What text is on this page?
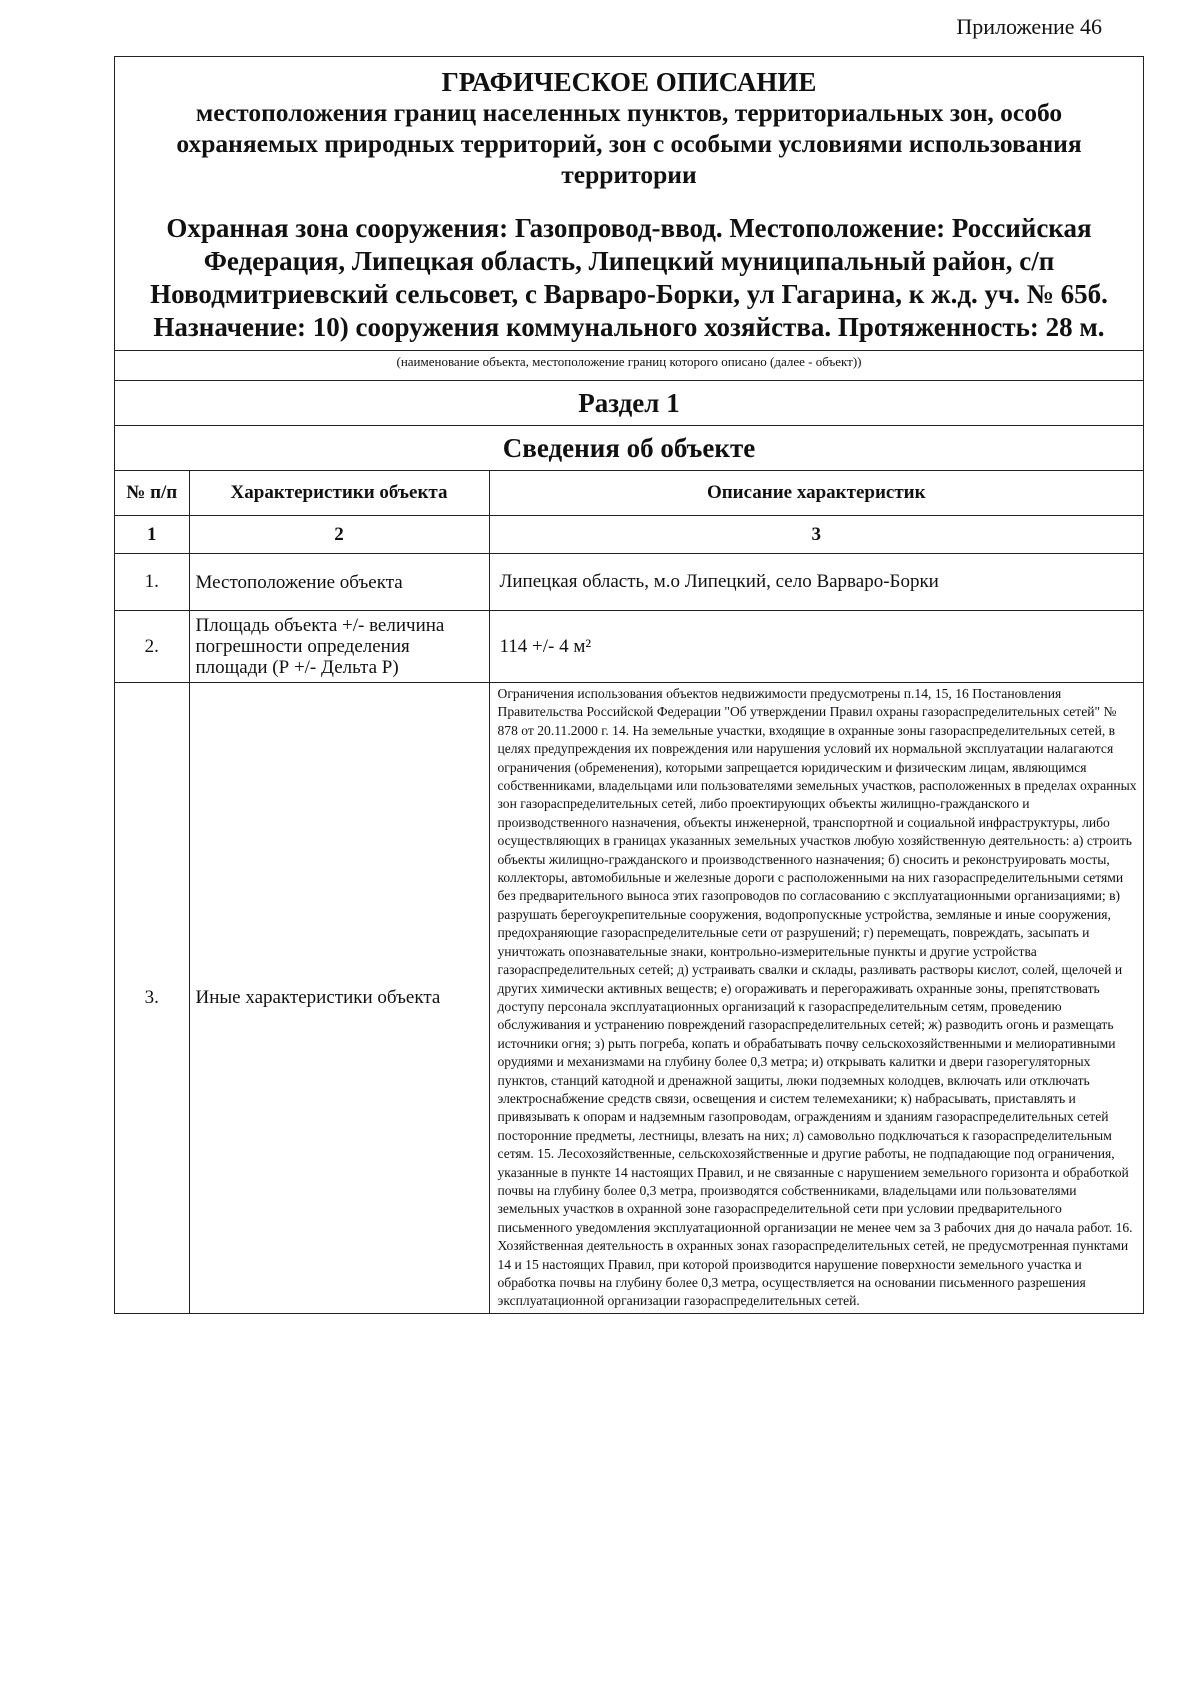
Приложение 46

ГРАФИЧЕСКОЕ ОПИСАНИЕ

местоположения границ населенных пунктов, территориальных зон, особо

охраняемых природных территорий, зон с особыми условиями использования

территории

Охранная зона сооружения: Газопровод-ввод. Местоположение: Российская
Федерация, Липецкая область, Липецкий муниципальный район, с/п
Новодмитриевский сельсовет, с Варваро-Борки, ул Гагарина, к ж.д. уч. № 65б.
Назначение: 10) сооружения коммунального хозяйства. Протяженность: 28 м.
(наименование объекта, местоположение границ которого описано (далее - объект))
Раздел 1
Сведения об объекте
№ п/п	Характеристики объекта	Описание характеристик
1	2	3
1.	Местоположение объекта	Липецкая область, м.о Липецкий, село Варваро-Борки
2.	Площадь объекта +/- величина погрешности определения площади (Р +/- Дельта Р)	114 +/- 4 м²
3.	Иные характеристики объекта	Ограничения использования объектов недвижимости предусмотрены п.14, 15, 16 Постановления Правительства Российской Федерации "Об утверждении Правил охраны газораспределительных сетей" № 878 от 20.11.2000 г. 14. На земельные участки, входящие в охранные зоны газораспределительных сетей, в целях предупреждения их повреждения или нарушения условий их нормальной эксплуатации налагаются ограничения (обременения), которыми запрещается юридическим и физическим лицам, являющимся собственниками, владельцами или пользователями земельных участков, расположенных в пределах охранных зон газораспределительных сетей, либо проектирующих объекты жилищно-гражданского и производственного назначения, объекты инженерной, транспортной и социальной инфраструктуры, либо осуществляющих в границах указанных земельных участков любую хозяйственную деятельность: а) строить объекты жилищно-гражданского и производственного назначения; б) сносить и реконструировать мосты, коллекторы, автомобильные и железные дороги с расположенными на них газораспределительными сетями без предварительного выноса этих газопроводов по согласованию с эксплуатационными организациями; в) разрушать берегоукрепительные сооружения, водопропускные устройства, земляные и иные сооружения, предохраняющие газораспределительные сети от разрушений; г) перемещать, повреждать, засыпать и уничтожать опознавательные знаки, контрольно-измерительные пункты и другие устройства газораспределительных сетей; д) устраивать свалки и склады, разливать растворы кислот, солей, щелочей и других химически активных веществ; е) огораживать и перегораживать охранные зоны, препятствовать доступу персонала эксплуатационных организаций к газораспределительным сетям, проведению обслуживания и устранению повреждений газораспределительных сетей; ж) разводить огонь и размещать источники огня; з) рыть погреба, копать и обрабатывать почву сельскохозяйственными и мелиоративными орудиями и механизмами на глубину более 0,3 метра; и) открывать калитки и двери газорегуляторных пунктов, станций катодной и дренажной защиты, люки подземных колодцев, включать или отключать электроснабжение средств связи, освещения и систем телемеханики; к) набрасывать, приставлять и привязывать к опорам и надземным газопроводам, ограждениям и зданиям газораспределительных сетей посторонние предметы, лестницы, влезать на них; л) самовольно подключаться к газораспределительным сетям. 15. Лесохозяйственные, сельскохозяйственные и другие работы, не подпадающие под ограничения, указанные в пункте 14 настоящих Правил, и не связанные с нарушением земельного горизонта и обработкой почвы на глубину более 0,3 метра, производятся собственниками, владельцами или пользователями земельных участков в охранной зоне газораспределительной сети при условии предварительного письменного уведомления эксплуатационной организации не менее чем за 3 рабочих дня до начала работ. 16. Хозяйственная деятельность в охранных зонах газораспределительных сетей, не предусмотренная пунктами 14 и 15 настоящих Правил, при которой производится нарушение поверхности земельного участка и обработка почвы на глубину более 0,3 метра, осуществляется на основании письменного разрешения эксплуатационной организации газораспределительных сетей.
